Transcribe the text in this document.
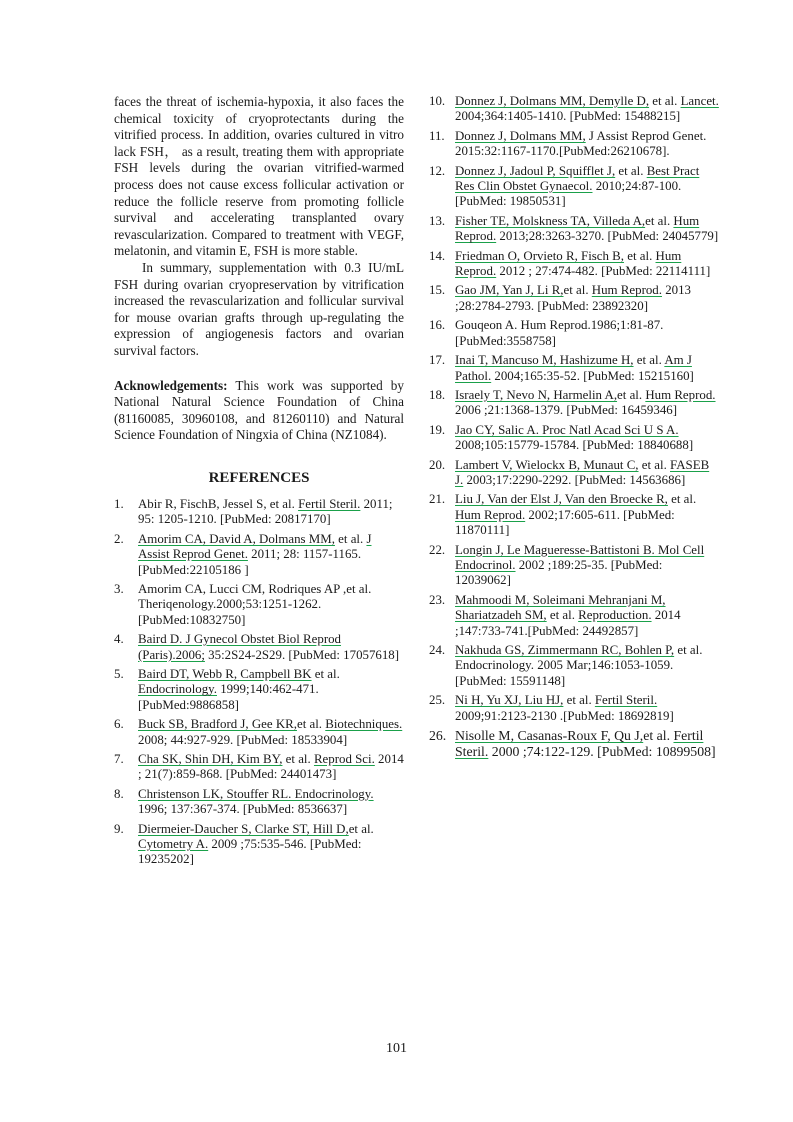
faces the threat of ischemia-hypoxia, it also faces the chemical toxicity of cryoprotectants during the vitrified process. In addition, ovaries cultured in vitro lack FSH， as a result, treating them with appropriate FSH levels during the ovarian vitrified-warmed process does not cause excess follicular activation or reduce the follicle reserve from promoting follicle survival and accelerating transplanted ovary revascularization. Compared to treatment with VEGF, melatonin, and vitamin E, FSH is more stable.

In summary, supplementation with 0.3 IU/mL FSH during ovarian cryopreservation by vitrification increased the revascularization and follicular survival for mouse ovarian grafts through up-regulating the expression of angiogenesis factors and ovarian survival factors.

Acknowledgements: This work was supported by National Natural Science Foundation of China (81160085, 30960108, and 81260110) and Natural Science Foundation of Ningxia of China (NZ1084).

REFERENCES
1. Abir R, FischB, Jessel S, et al. Fertil Steril. 2011; 95: 1205-1210. [PubMed: 20817170]
2. Amorim CA, David A, Dolmans MM, et al. J Assist Reprod Genet. 2011; 28: 1157-1165.[PubMed:22105186 ]
3. Amorim CA, Lucci CM, Rodriques AP ,et al. Theriqenology.2000;53:1251-1262.[PubMed:10832750]
4. Baird D. J Gynecol Obstet Biol Reprod (Paris).2006; 35:2S24-2S29. [PubMed: 17057618]
5. Baird DT, Webb R, Campbell BK et al. Endocrinology. 1999;140:462-471. [PubMed:9886858]
6. Buck SB, Bradford J, Gee KR,et al. Biotechniques. 2008; 44:927-929. [PubMed: 18533904]
7. Cha SK, Shin DH, Kim BY, et al. Reprod Sci. 2014 ; 21(7):859-868. [PubMed: 24401473]
8. Christenson LK, Stouffer RL. Endocrinology. 1996; 137:367-374. [PubMed: 8536637]
9. Diermeier-Daucher S, Clarke ST, Hill D,et al. Cytometry A. 2009 ;75:535-546. [PubMed: 19235202]
10. Donnez J, Dolmans MM, Demylle D, et al. Lancet. 2004;364:1405-1410. [PubMed: 15488215]
11. Donnez J, Dolmans MM, J Assist Reprod Genet. 2015:32:1167-1170.[PubMed:26210678].
12. Donnez J, Jadoul P, Squifflet J, et al. Best Pract Res Clin Obstet Gynaecol. 2010;24:87-100. [PubMed: 19850531]
13. Fisher TE, Molskness TA, Villeda A,et al. Hum Reprod. 2013;28:3263-3270. [PubMed: 24045779]
14. Friedman O, Orvieto R, Fisch B, et al. Hum Reprod. 2012 ; 27:474-482. [PubMed: 22114111]
15. Gao JM, Yan J, Li R,et al. Hum Reprod. 2013 ;28:2784-2793. [PubMed: 23892320]
16. Gouqeon A. Hum Reprod.1986;1:81-87.[PubMed:3558758]
17. Inai T, Mancuso M, Hashizume H, et al. Am J Pathol. 2004;165:35-52. [PubMed: 15215160]
18. Israely T, Nevo N, Harmelin A,et al. Hum Reprod. 2006 ;21:1368-1379. [PubMed: 16459346]
19. Jao CY, Salic A. Proc Natl Acad Sci U S A. 2008;105:15779-15784. [PubMed: 18840688]
20. Lambert V, Wielockx B, Munaut C, et al. FASEB J. 2003;17:2290-2292. [PubMed: 14563686]
21. Liu J, Van der Elst J, Van den Broecke R, et al. Hum Reprod. 2002;17:605-611. [PubMed: 11870111]
22. Longin J, Le Magueresse-Battistoni B. Mol Cell Endocrinol. 2002 ;189:25-35. [PubMed: 12039062]
23. Mahmoodi M, Soleimani Mehranjani M, Shariatzadeh SM, et al. Reproduction. 2014 ;147:733-741.[PubMed: 24492857]
24. Nakhuda GS, Zimmermann RC, Bohlen P, et al. Endocrinology. 2005 Mar;146:1053-1059. [PubMed: 15591148]
25. Ni H, Yu XJ, Liu HJ, et al. Fertil Steril. 2009;91:2123-2130 .[PubMed: 18692819]
26. Nisolle M, Casanas-Roux F, Qu J,et al. Fertil Steril. 2000 ;74:122-129. [PubMed: 10899508]
101
